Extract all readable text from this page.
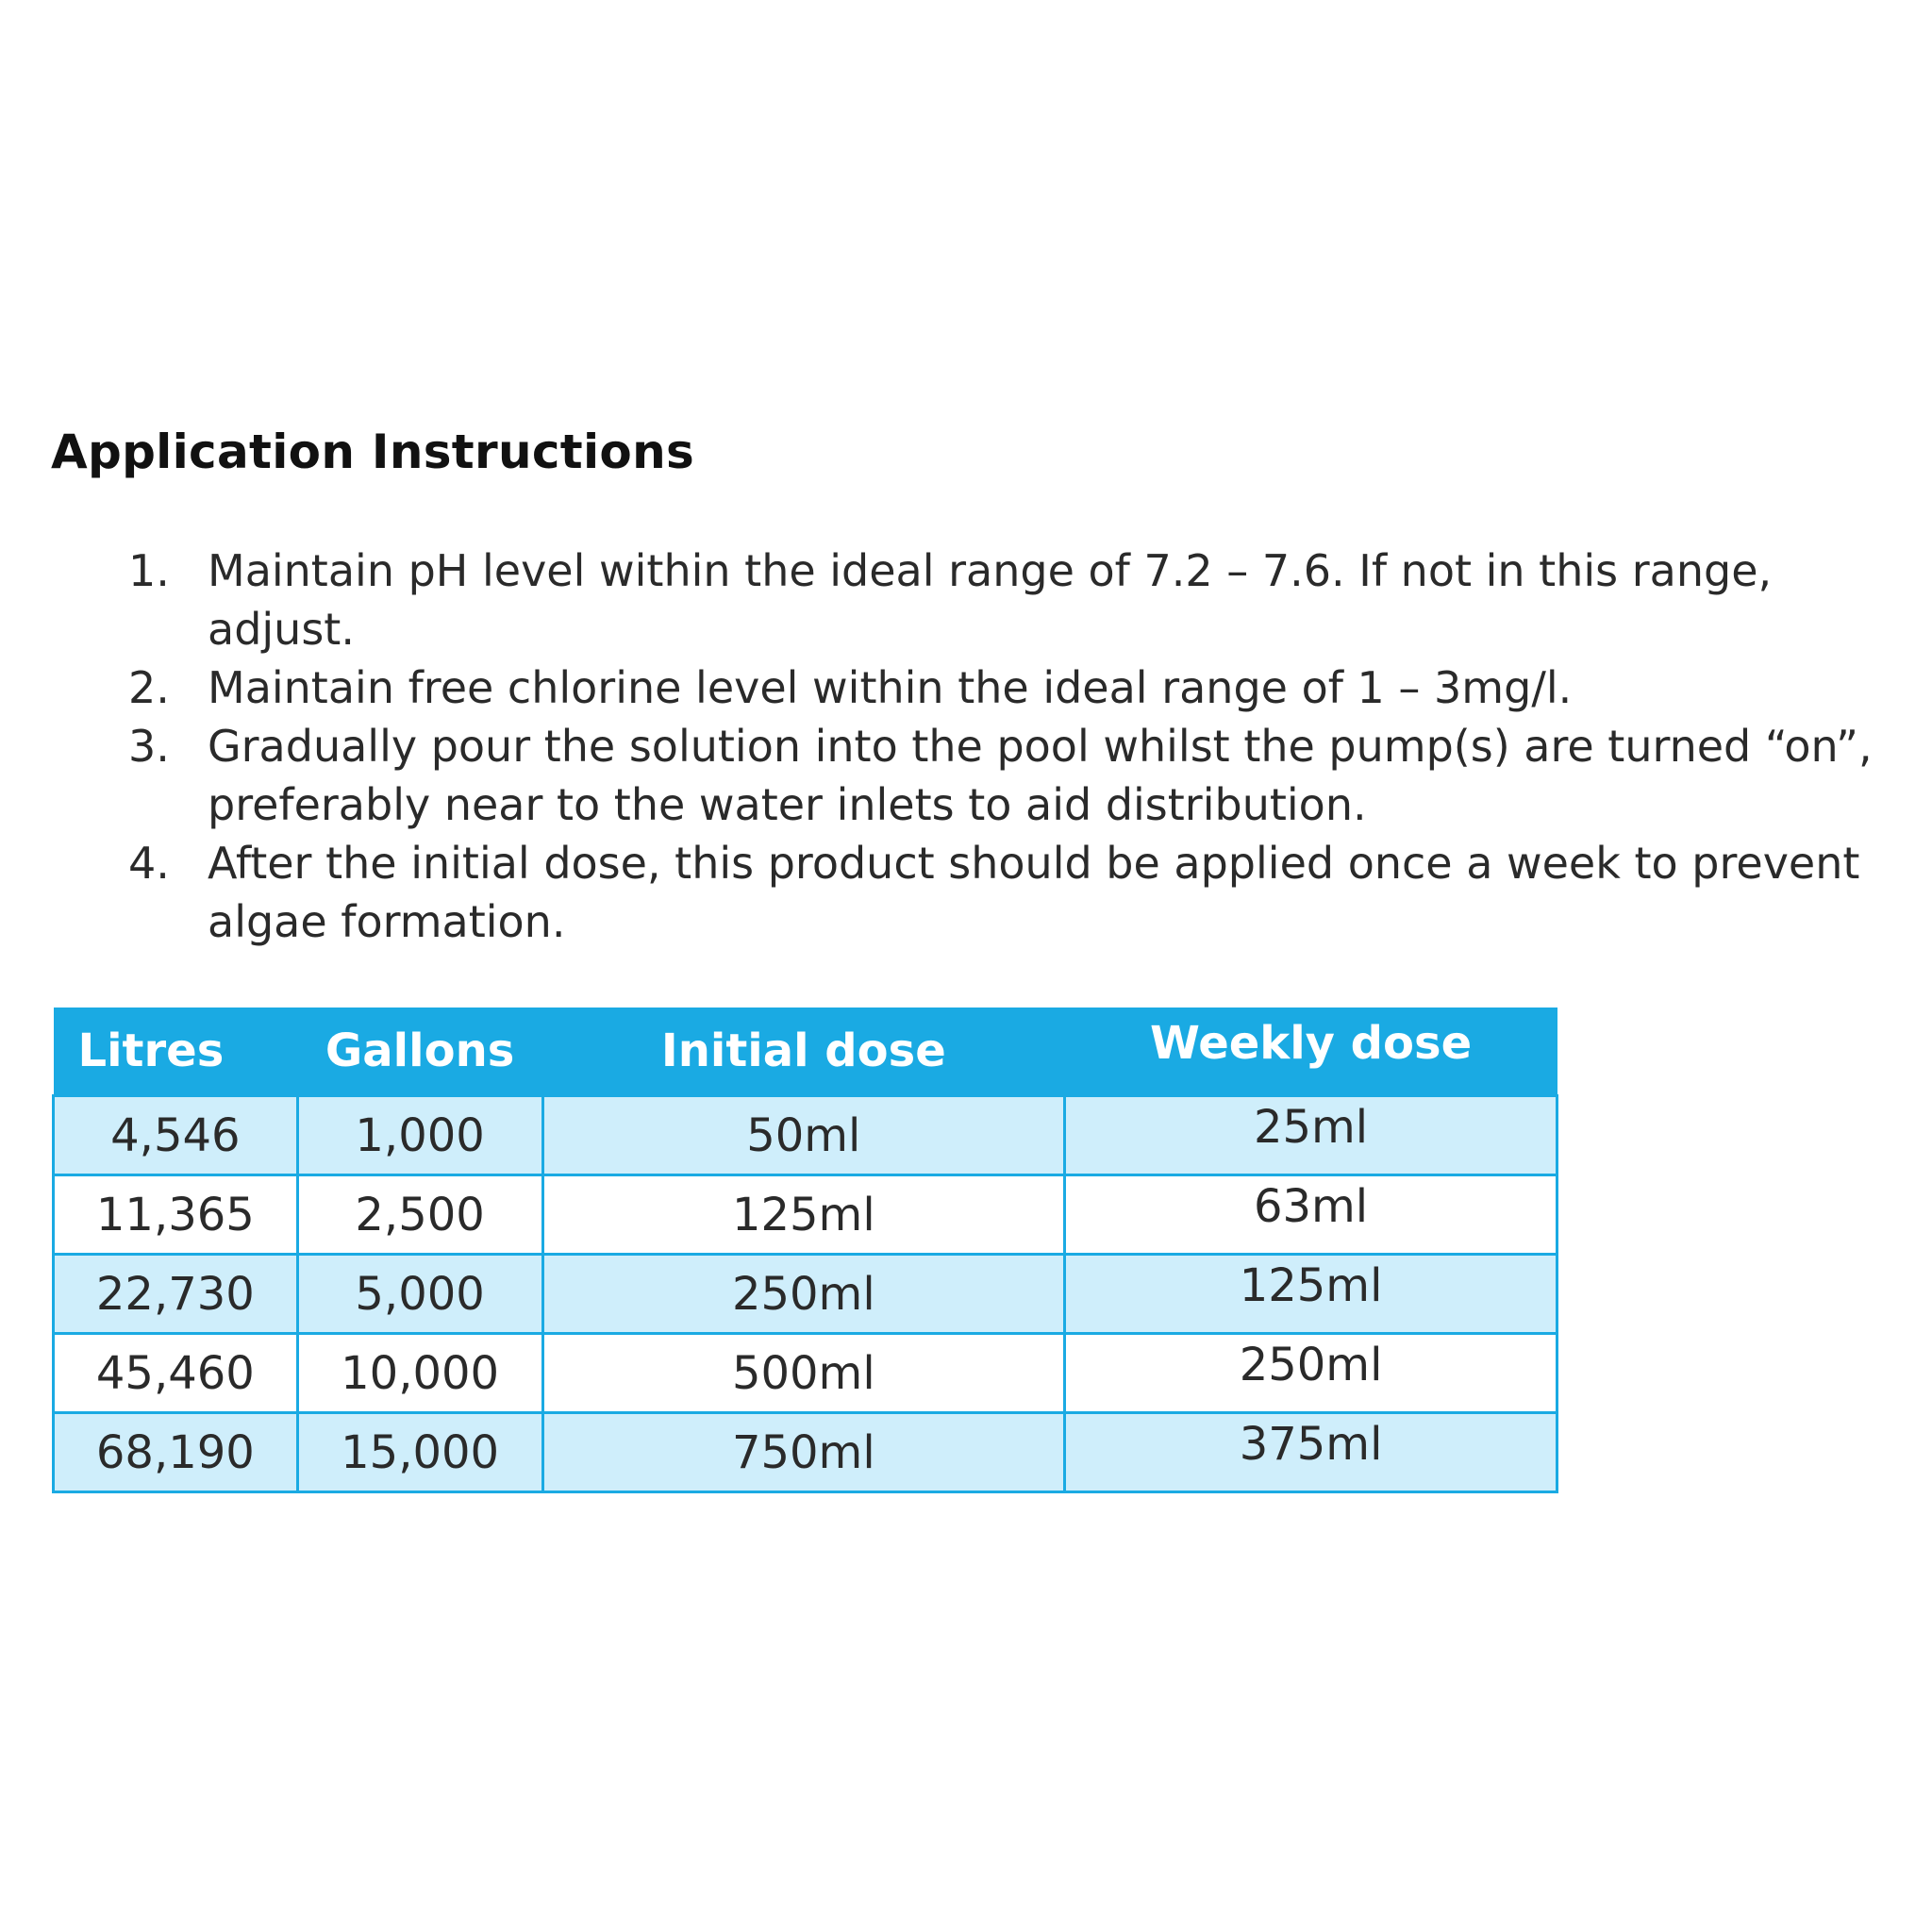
Application Instructions
1. Maintain pH level within the ideal range of 7.2 – 7.6. If not in this range, adjust.
2. Maintain free chlorine level within the ideal range of 1 – 3mg/l.
3. Gradually pour the solution into the pool whilst the pump(s) are turned “on”, preferably near to the water inlets to aid distribution.
4. After the initial dose, this product should be applied once a week to prevent algae formation.
Litres	Gallons	Initial dose	Weekly dose
4,546	1,000	50ml	25ml
11,365	2,500	125ml	63ml
22,730	5,000	250ml	125ml
45,460	10,000	500ml	250ml
68,190	15,000	750ml	375ml
